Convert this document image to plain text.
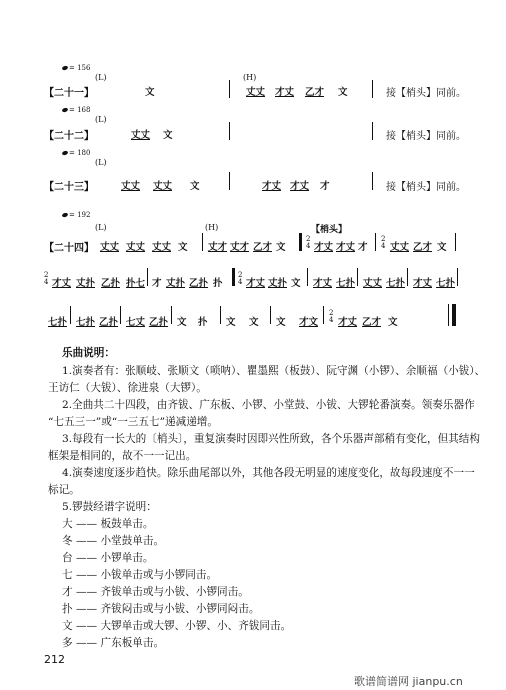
= 156
(L)	(H)
【二十一】	文	丈丈 才丈 乙才 文	接【梢头】同前。
= 168
(L)
【二十二】	丈丈 文	接【梢头】同前。
= 180
(L)
【二十三】	丈丈 丈丈 文	才丈 才丈 才	接【梢头】同前。
= 192
(L)	(H)	【梢头】
【二十四】 丈丈 丈丈 丈丈 文 丈才 丈才 乙才 文
2
4 才丈 才丈 才
2
4 丈丈 乙才 文
2
4 才丈 丈扑 乙扑 扑七 才 丈扑 乙扑 扑
2
4 才丈 丈扑 文 才丈 七扑 丈丈 七扑 才丈 七扑
七扑 七扑 乙扑 七丈 乙扑 文 扑 文 文 文 才文
2
4 才丈 乙才 文
乐曲说明：
1.演奏者有：张顺岐、张顺文（唢呐）、瞿墨熙（板鼓）、阮守渊（小锣）、余顺福（小钹）、
王访仁（大钹）、徐进泉（大锣）。
2.全曲共二十四段，由齐钹、广东板、小锣、小堂鼓、小钹、大锣轮番演奏。领奏乐器作
“七五三一”或“一三五七”递减递增。
3.每段有一长大的〔梢头〕，重复演奏时因即兴性所致，各个乐器声部稍有变化，但其结构
框架是相同的，故不一一记出。
4.演奏速度逐步趋快。除乐曲尾部以外，其他各段无明显的速度变化，故每段速度不一一
标记。
5.锣鼓经谱字说明：
大 —— 板鼓单击。
冬 —— 小堂鼓单击。
台 —— 小锣单击。
七 —— 小钹单击或与小锣同击。
才 —— 齐钹单击或与小钹、小锣同击。
扑 —— 齐钹闷击或与小钹、小锣同闷击。
文 —— 大锣单击或大锣、小锣、小、齐钹同击。
多 —— 广东板单击。
212
歌谱简谱网 jianpu.cn
